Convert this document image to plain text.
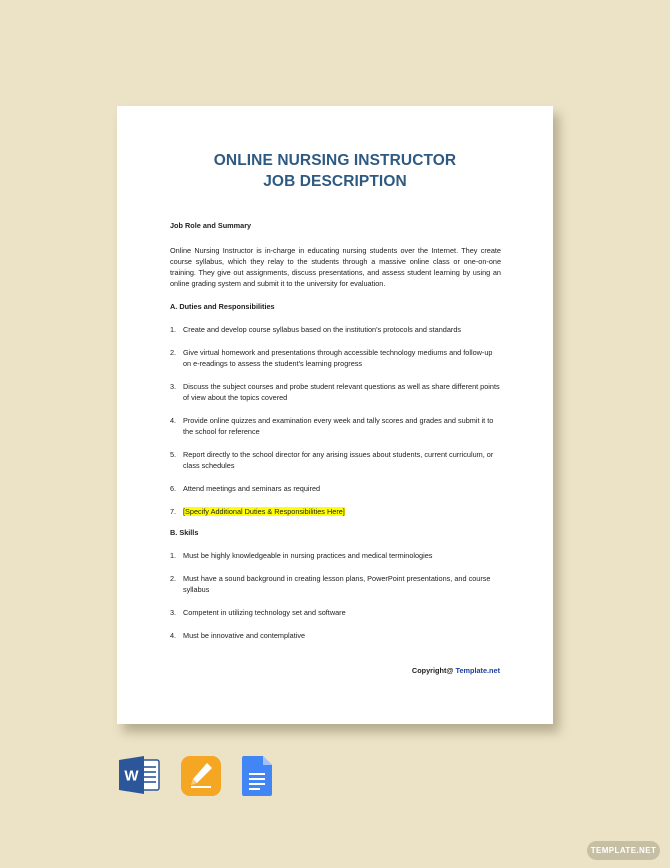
ONLINE NURSING INSTRUCTOR
JOB DESCRIPTION

Job Role and Summary

Online Nursing Instructor is in-charge in educating nursing students over the Internet. They create course syllabus, which they relay to the students through a massive online class or one-on-one training. They give out assignments, discuss presentations, and assess student learning by using an online grading system and submit it to the university for evaluation.

A. Duties and Responsibilities

1. Create and develop course syllabus based on the institution's protocols and standards
2. Give virtual homework and presentations through accessible technology mediums and follow-up on e-readings to assess the student's learning progress
3. Discuss the subject courses and probe student relevant questions as well as share different points of view about the topics covered
4. Provide online quizzes and examination every week and tally scores and grades and submit it to the school for reference
5. Report directly to the school director for any arising issues about students, current curriculum, or class schedules
6. Attend meetings and seminars as required
7. [Specify Additional Duties & Responsibilities Here]

B. Skills

1. Must be highly knowledgeable in nursing practices and medical terminologies
2. Must have a sound background in creating lesson plans, PowerPoint presentations, and course syllabus
3. Competent in utilizing technology set and software
4. Must be innovative and contemplative
Copyright@ Template.net
W
TEMPLATE.NET
